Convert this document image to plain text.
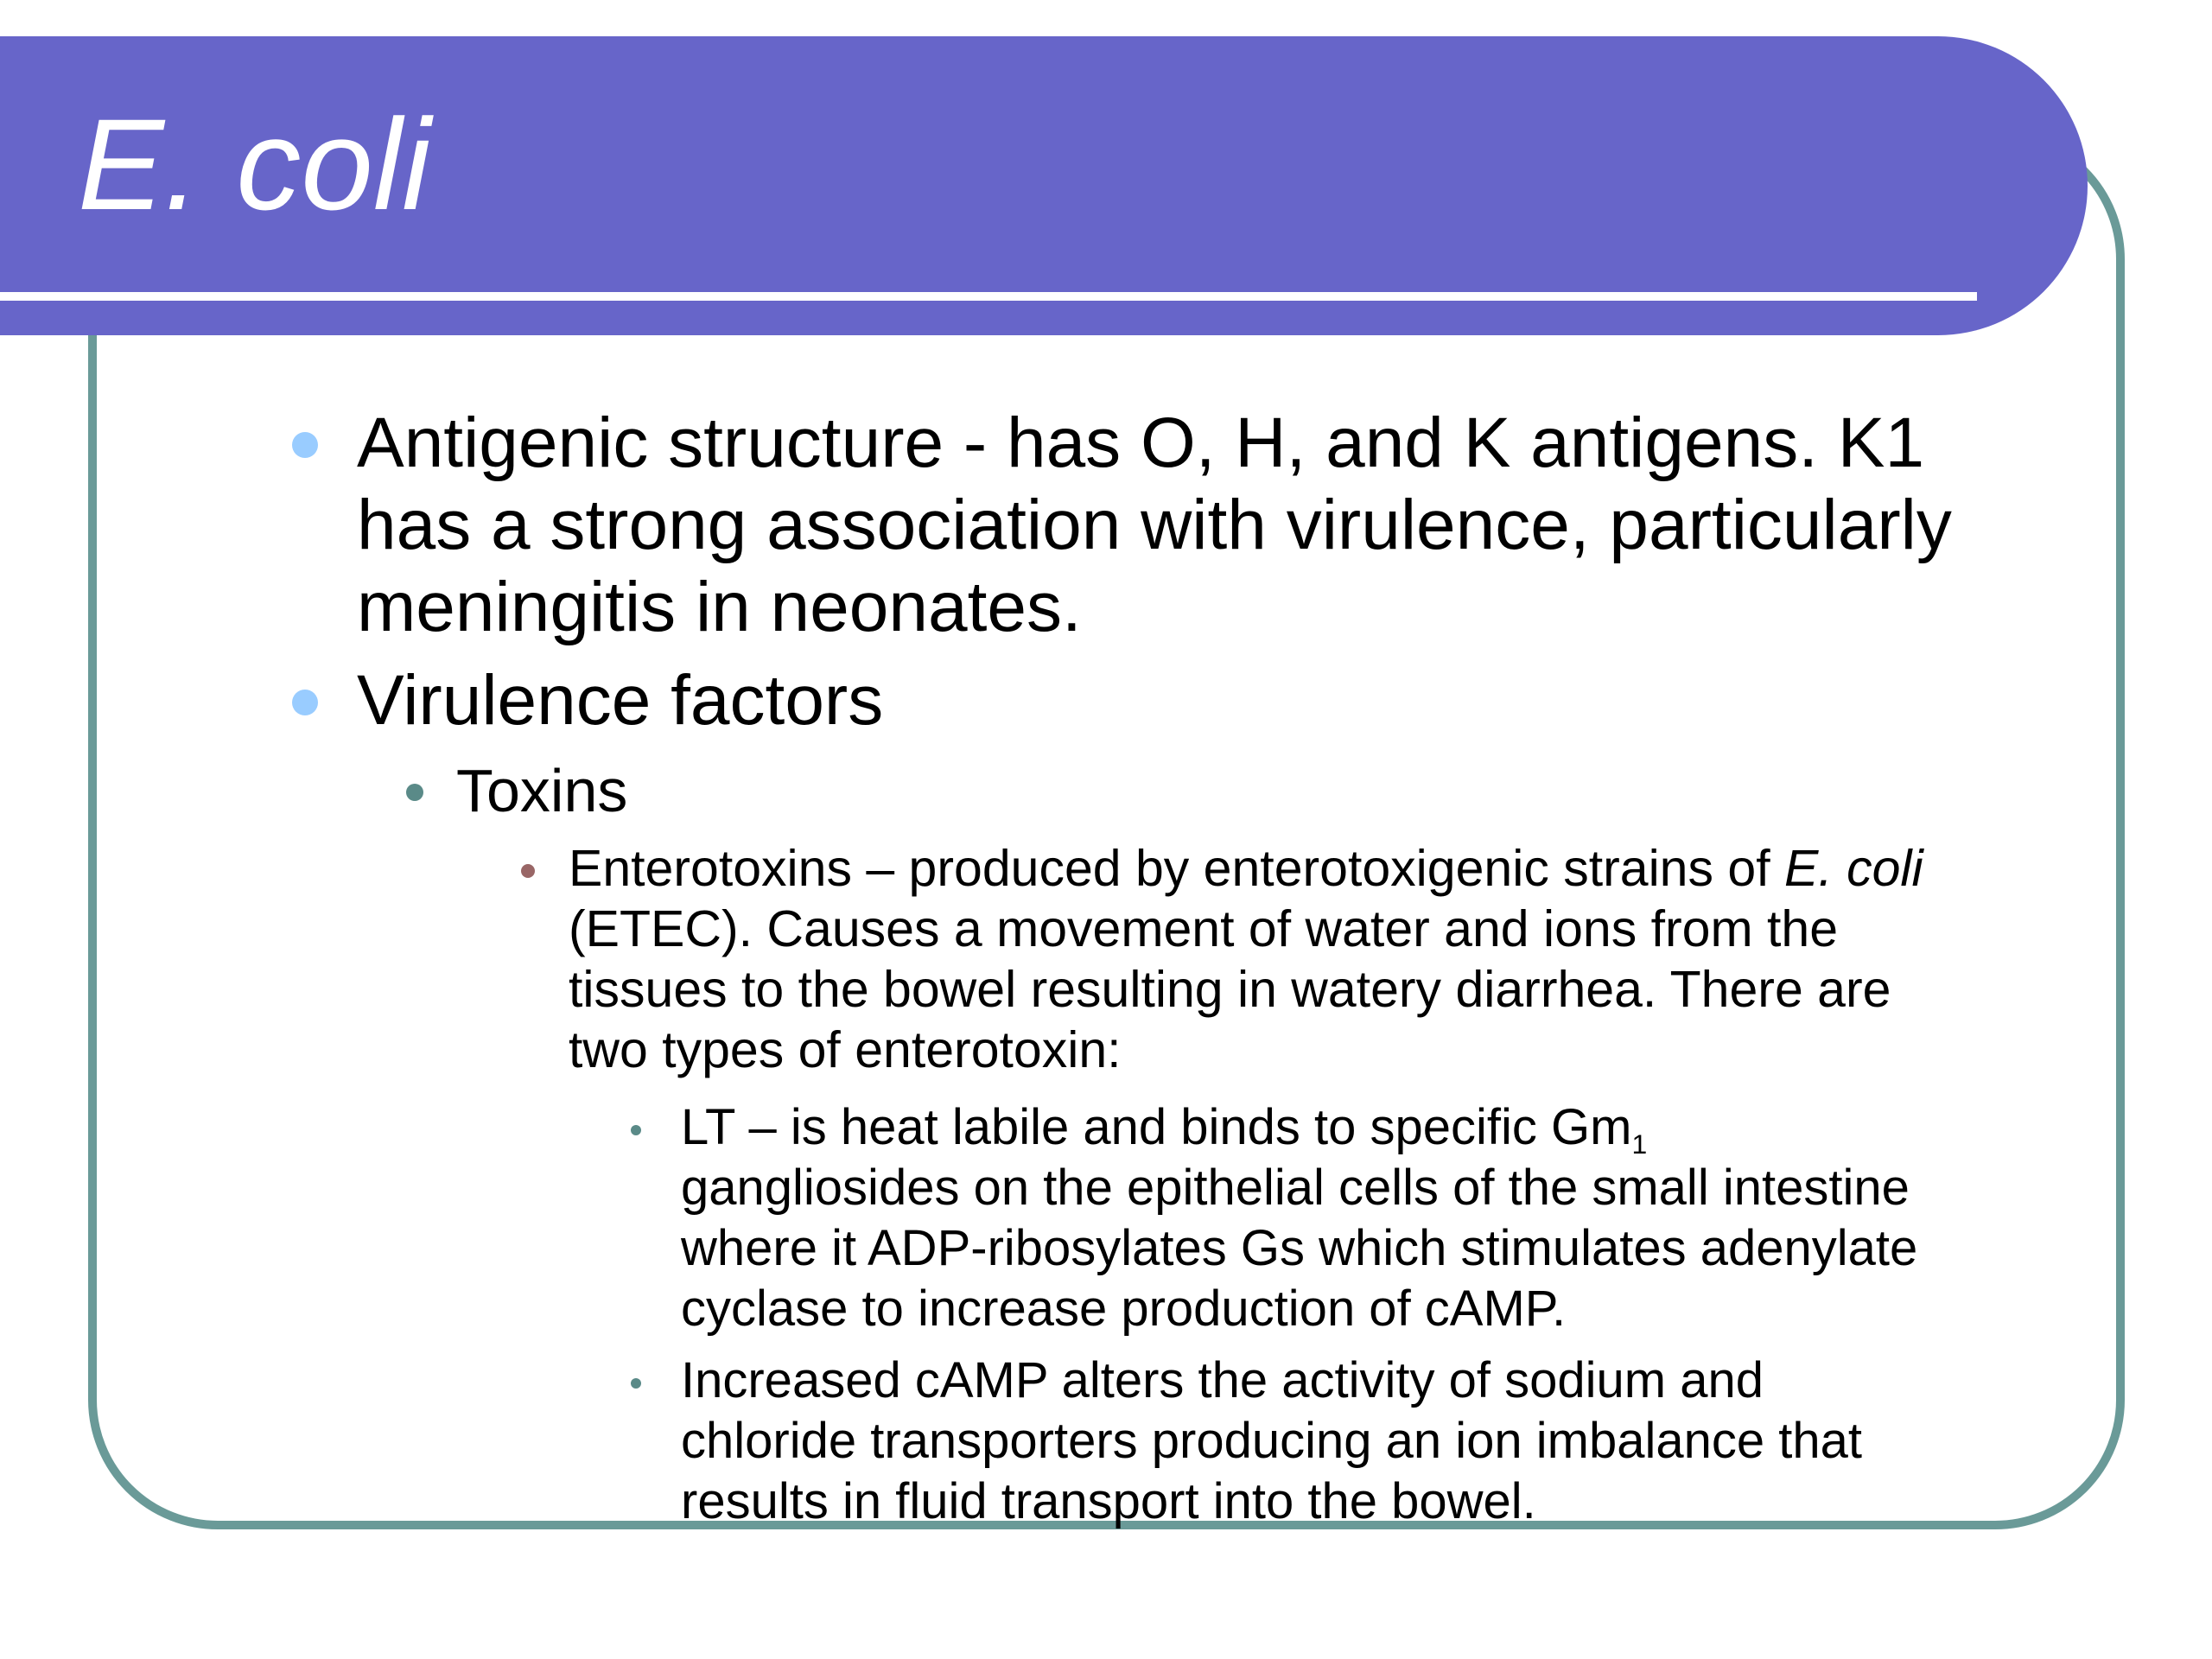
E. coli
Antigenic structure - has O, H, and K antigens. K1
has a strong association with virulence, particularly
meningitis in neonates.
Virulence factors
Toxins
Enterotoxins – produced by enterotoxigenic strains of E. coli
(ETEC). Causes a movement of water and ions from the
tissues to the bowel resulting in watery diarrhea. There are
two types of enterotoxin:
LT – is heat labile and binds to specific $Gm_1$
gangliosides on the epithelial cells of the small intestine
where it ADP-ribosylates Gs which stimulates adenylate
cyclase to increase production of cAMP.
Increased cAMP alters the activity of sodium and
chloride transporters producing an ion imbalance that
results in fluid transport into the bowel.
